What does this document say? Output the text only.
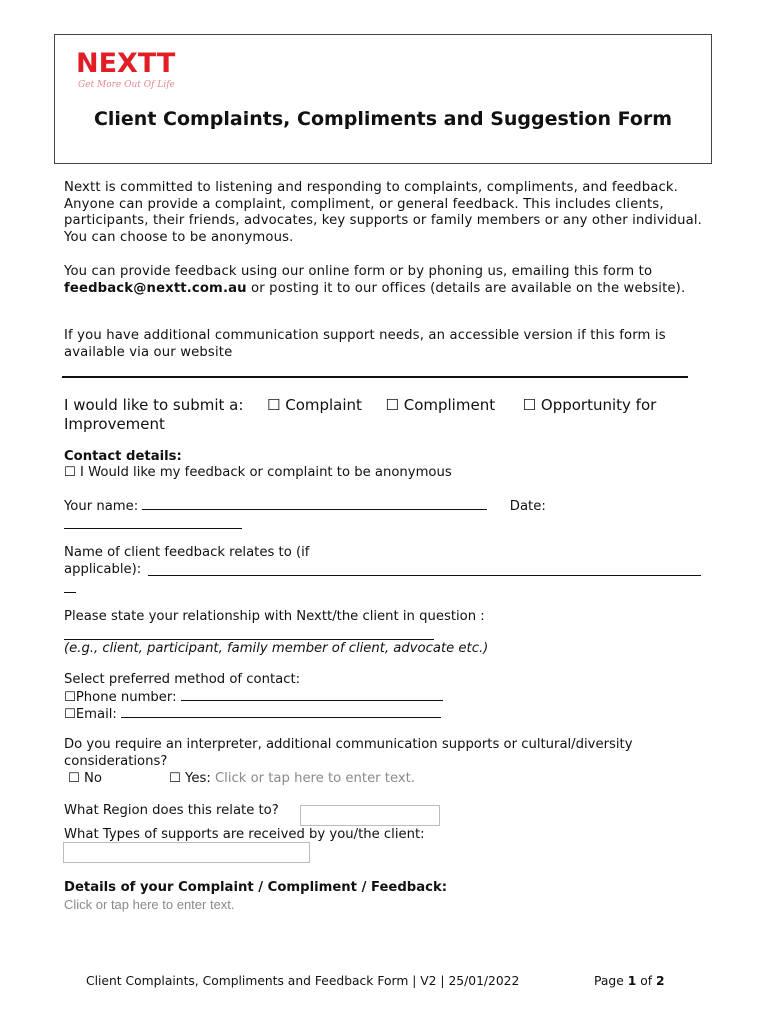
NEXTT
Get More Out Of Life
Client Complaints, Compliments and Suggestion Form
Nextt is committed to listening and responding to complaints, compliments, and feedback. Anyone can provide a complaint, compliment, or general feedback. This includes clients, participants, their friends, advocates, key supports or family members or any other individual. You can choose to be anonymous.
You can provide feedback using our online form or by phoning us, emailing this form to feedback@nextt.com.au or posting it to our offices (details are available on the website).
If you have additional communication support needs, an accessible version if this form is available via our website
I would like to submit a: ☐ Complaint ☐ Compliment ☐ Opportunity for Improvement
Contact details:
☐ I Would like my feedback or complaint to be anonymous
Your name:	Date:
Name of client feedback relates to (if applicable):
Please state your relationship with Nextt/the client in question :
(e.g., client, participant, family member of client, advocate etc.)
Select preferred method of contact:
☐Phone number:
☐Email:
Do you require an interpreter, additional communication supports or cultural/diversity considerations?
☐ No	☐ Yes: Click or tap here to enter text.
What Region does this relate to?
What Types of supports are received by you/the client:
Details of your Complaint / Compliment / Feedback:
Click or tap here to enter text.
Client Complaints, Compliments and Feedback Form | V2 | 25/01/2022	Page 1 of 2
